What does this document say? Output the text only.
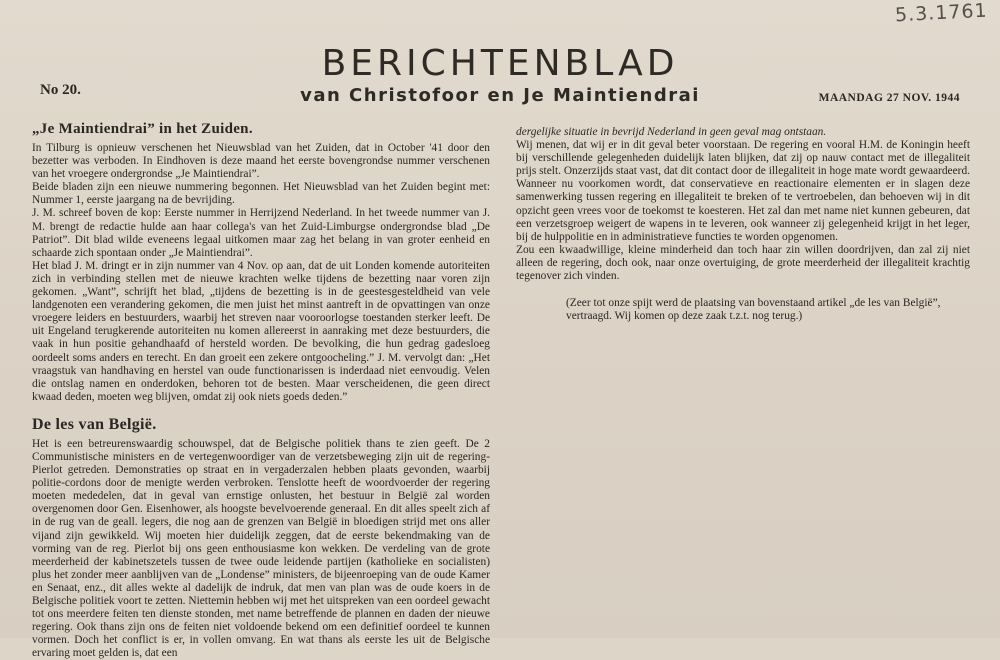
5.3.1761
BERICHTENBLAD
van Christofoor en Je Maintiendrai
No 20.	MAANDAG 27 NOV. 1944
„Je Maintiendrai” in het Zuiden.

In Tilburg is opnieuw verschenen het Nieuwsblad van het Zuiden, dat in October '41 door den bezetter was verboden. In Eindhoven is deze maand het eerste bovengrondse nummer verschenen van het vroegere ondergrondse „Je Maintiendrai”.

Beide bladen zijn een nieuwe nummering begonnen. Het Nieuwsblad van het Zuiden begint met: Nummer 1, eerste jaargang na de bevrijding.

J. M. schreef boven de kop: Eerste nummer in Herrijzend Nederland. In het tweede nummer van J. M. brengt de redactie hulde aan haar collega's van het Zuid-Limburgse ondergrondse blad „De Patriot”. Dit blad wilde eveneens legaal uitkomen maar zag het belang in van groter eenheid en schaarde zich spontaan onder „Je Maintiendrai”.

Het blad J. M. dringt er in zijn nummer van 4 Nov. op aan, dat de uit Londen komende autoriteiten zich in verbinding stellen met de nieuwe krachten welke tijdens de bezetting naar voren zijn gekomen. „Want”, schrijft het blad, „tijdens de bezetting is in de geestesgesteldheid van vele landgenoten een verandering gekomen, die men juist het minst aantreft in de opvattingen van onze vroegere leiders en bestuurders, waarbij het streven naar vooroorlogse toestanden sterker leeft. De uit Engeland terugkerende autoriteiten nu komen allereerst in aanraking met deze bestuurders, die vaak in hun positie gehandhaafd of hersteld worden. De bevolking, die hun gedrag gadesloeg oordeelt soms anders en terecht. En dan groeit een zekere ontgoocheling.” J. M. vervolgt dan: „Het vraagstuk van handhaving en herstel van oude functionarissen is inderdaad niet eenvoudig. Velen die ontslag namen en onderdoken, behoren tot de besten. Maar verscheidenen, die geen direct kwaad deden, moeten weg blijven, omdat zij ook niets goeds deden.”

De les van België.

Het is een betreurenswaardig schouwspel, dat de Belgische politiek thans te zien geeft. De 2 Communistische ministers en de vertegenwoordiger van de verzetsbeweging zijn uit de regering-Pierlot getreden. Demonstraties op straat en in vergaderzalen hebben plaats gevonden, waarbij politie-cordons door de menigte werden verbroken. Tenslotte heeft de woordvoerder der regering moeten mededelen, dat in geval van ernstige onlusten, het bestuur in België zal worden overgenomen door Gen. Eisenhower, als hoogste bevelvoerende generaal. En dit alles speelt zich af in de rug van de geall. legers, die nog aan de grenzen van België in bloedigen strijd met ons aller vijand zijn gewikkeld. Wij moeten hier duidelijk zeggen, dat de eerste bekendmaking van de vorming van de reg. Pierlot bij ons geen enthousiasme kon wekken. De verdeling van de grote meerderheid der kabinetszetels tussen de twee oude leidende partijen (katholieke en socialisten) plus het zonder meer aanblijven van de „Londense” ministers, de bijeenroeping van de oude Kamer en Senaat, enz., dit alles wekte al dadelijk de indruk, dat men van plan was de oude koers in de Belgische politiek voort te zetten. Niettemin hebben wij met het uitspreken van een oordeel gewacht tot ons meerdere feiten ten dienste stonden, met name betreffende de plannen en daden der nieuwe regering. Ook thans zijn ons de feiten niet voldoende bekend om een definitief oordeel te kunnen vormen. Doch het conflict is er, in vollen omvang. En wat thans als eerste les uit de Belgische ervaring moet gelden is, dat een

dergelijke situatie in bevrijd Nederland in geen geval mag ontstaan.

Wij menen, dat wij er in dit geval beter voorstaan. De regering en vooral H.M. de Koningin heeft bij verschillende gelegenheden duidelijk laten blijken, dat zij op nauw contact met de illegaliteit prijs stelt. Onzerzijds staat vast, dat dit contact door de illegaliteit in hoge mate wordt gewaardeerd. Wanneer nu voorkomen wordt, dat conservatieve en reactionaire elementen er in slagen deze samenwerking tussen regering en illegaliteit te breken of te vertroebelen, dan behoeven wij in dit opzicht geen vrees voor de toekomst te koesteren. Het zal dan met name niet kunnen gebeuren, dat een verzetsgroep weigert de wapens in te leveren, ook wanneer zij gelegenheid krijgt in het leger, bij de hulppolitie en in administratieve functies te worden opgenomen.

Zou een kwaadwillige, kleine minderheid dan toch haar zin willen doordrijven, dan zal zij niet alleen de regering, doch ook, naar onze overtuiging, de grote meerderheid der illegaliteit krachtig tegenover zich vinden.

(Zeer tot onze spijt werd de plaatsing van bovenstaand artikel „de les van België”, vertraagd. Wij komen op deze zaak t.z.t. nog terug.)
